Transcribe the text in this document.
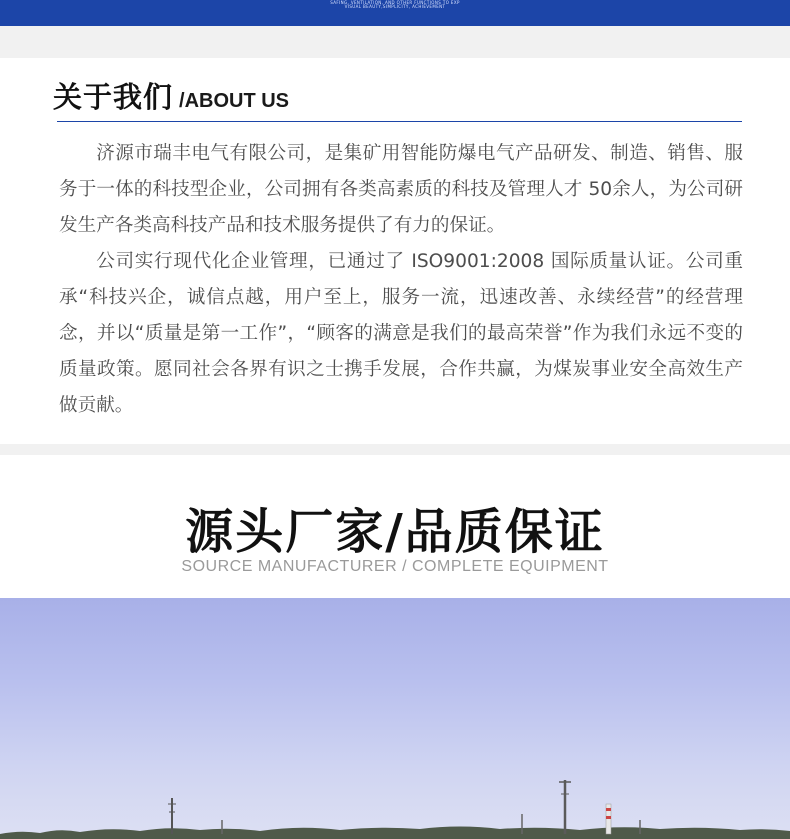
SAFING, VENTILATION, AND OTHER FUNCTIONS TO EXP
VISUAL BEAUTY,SIMPLICITY, ACHIEVEMENT
关于我们 /ABOUT US

济源市瑞丰电气有限公司，是集矿用智能防爆电气产品研发、制造、销售、服务于一体的科技型企业，公司拥有各类高素质的科技及管理人才 50余人，为公司研发生产各类高科技产品和技术服务提供了有力的保证。

公司实行现代化企业管理，已通过了 ISO9001:2008 国际质量认证。公司重承“科技兴企，诚信点越，用户至上，服务一流，迅速改善、永续经营”的经营理念，并以“质量是第一工作”，“顾客的满意是我们的最高荣誉”作为我们永远不变的质量政策。愿同社会各界有识之士携手发展，合作共赢，为煤炭事业安全高效生产做贡献。

源头厂家/品质保证
SOURCE MANUFACTURER / COMPLETE EQUIPMENT
